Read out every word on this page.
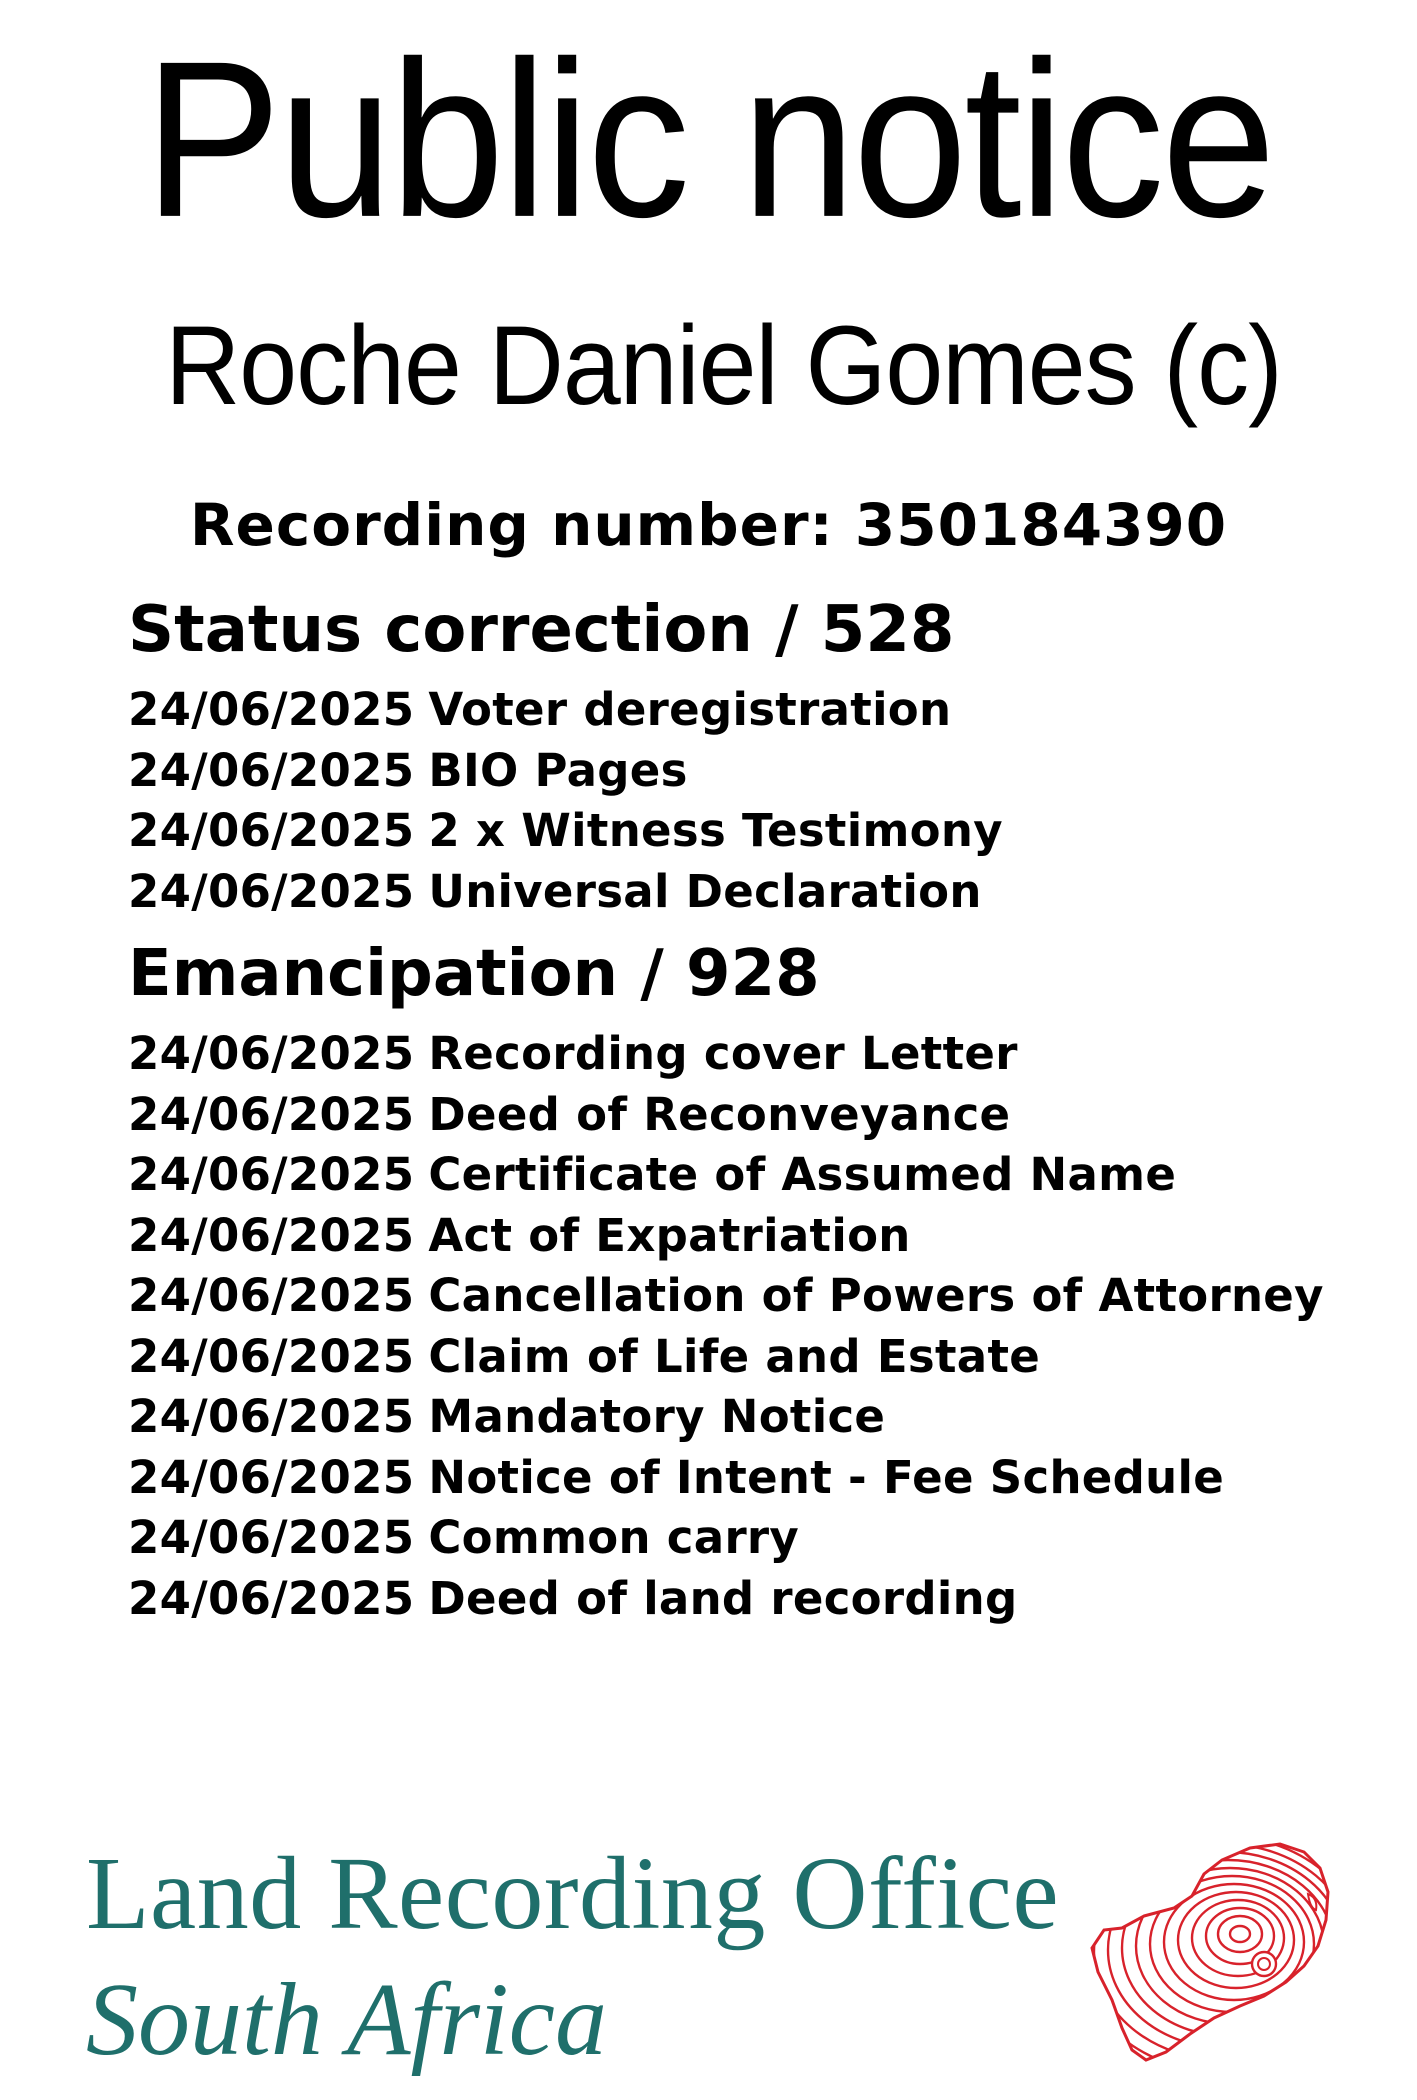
Public notice
Roche Daniel Gomes (c)
Recording number: 350184390
Status correction / 528
24/06/2025 Voter deregistration
24/06/2025 BIO Pages
24/06/2025 2 x Witness Testimony
24/06/2025 Universal Declaration
Emancipation / 928
24/06/2025 Recording cover Letter
24/06/2025 Deed of Reconveyance
24/06/2025 Certificate of Assumed Name
24/06/2025 Act of Expatriation
24/06/2025 Cancellation of Powers of Attorney
24/06/2025 Claim of Life and Estate
24/06/2025 Mandatory Notice
24/06/2025 Notice of Intent - Fee Schedule
24/06/2025 Common carry
24/06/2025 Deed of land recording
Land Recording Office
South Africa
